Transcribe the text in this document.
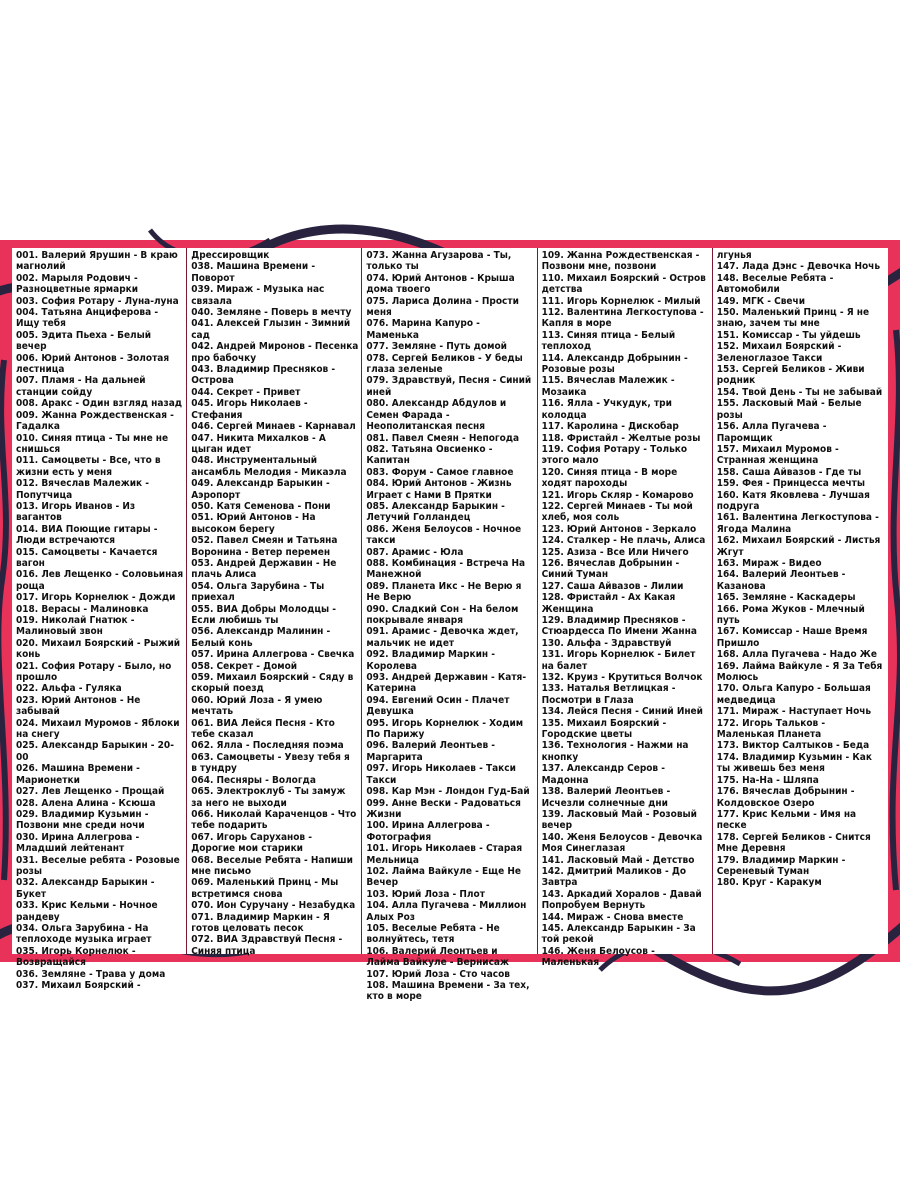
001. Валерий Ярушин - В краю магнолий

002. Марыля Родович - Разноцветные ярмарки

003. София Ротару - Луна-луна

004. Татьяна Анциферова - Ищу тебя

005. Эдита Пьеха - Белый вечер

006. Юрий Антонов - Золотая лестница

007. Пламя - На дальней станции сойду

008. Аракс - Один взгляд назад

009. Жанна Рождественская - Гадалка

010. Синяя птица - Ты мне не снишься

011. Самоцветы - Все, что в жизни есть у меня

012. Вячеслав Малежик - Попутчица

013. Игорь Иванов - Из вагантов

014. ВИА Поющие гитары - Люди встречаются

015. Самоцветы - Качается вагон

016. Лев Лещенко - Соловьиная роща

017. Игорь Корнелюк - Дожди

018. Верасы - Малиновка

019. Николай Гнатюк - Малиновый звон

020. Михаил Боярский - Рыжий конь

021. София Ротару - Было, но прошло

022. Альфа - Гуляка

023. Юрий Антонов - Не забывай

024. Михаил Муромов - Яблоки на снегу

025. Александр Барыкин - 20-00

026. Машина Времени - Марионетки

027. Лев Лещенко - Прощай

028. Алена Алина - Ксюша

029. Владимир Кузьмин - Позвони мне среди ночи

030. Ирина Аллегрова - Младший лейтенант

031. Веселые ребята - Розовые розы

032. Александр Барыкин - Букет

033. Крис Кельми - Ночное рандеву

034. Ольга Зарубина - На теплоходе музыка играет

035. Игорь Корнелюк - Возвращайся

036. Земляне - Трава у дома

037. Михаил Боярский -

Дрессировщик

038. Машина Времени - Поворот

039. Мираж - Музыка нас связала

040. Земляне - Поверь в мечту

041. Алексей Глызин - Зимний сад

042. Андрей Миронов - Песенка про бабочку

043. Владимир Пресняков - Острова

044. Секрет - Привет

045. Игорь Николаев - Стефания

046. Сергей Минаев - Карнавал

047. Никита Михалков - А цыган идет

048. Инструментальный ансамбль Мелодия - Микаэла

049. Александр Барыкин - Аэропорт

050. Катя Семенова - Пони

051. Юрий Антонов - На высоком берегу

052. Павел Смеян и Татьяна Воронина - Ветер перемен

053. Андрей Державин - Не плачь Алиса

054. Ольга Зарубина - Ты приехал

055. ВИА Добры Молодцы - Если любишь ты

056. Александр Малинин - Белый конь

057. Ирина Аллегрова - Свечка

058. Секрет - Домой

059. Михаил Боярский - Сяду в скорый поезд

060. Юрий Лоза - Я умею мечтать

061. ВИА Лейся Песня - Кто тебе сказал

062. Ялла - Последняя поэма

063. Самоцветы - Увезу тебя я в тундру

064. Песняры - Вологда

065. Электроклуб - Ты замуж за него не выходи

066. Николай Караченцов - Что тебе подарить

067. Игорь Саруханов - Дорогие мои старики

068. Веселые Ребята - Напиши мне письмо

069. Маленький Принц - Мы встретимся снова

070. Ион Суручану - Незабудка

071. Владимир Маркин - Я готов целовать песок

072. ВИА Здравствуй Песня - Синяя птица

073. Жанна Агузарова - Ты, только ты

074. Юрий Антонов - Крыша дома твоего

075. Лариса Долина - Прости меня

076. Марина Капуро - Маменька

077. Земляне - Путь домой

078. Сергей Беликов - У беды глаза зеленые

079. Здравствуй, Песня - Синий иней

080. Александр Абдулов и Семен Фарада - Неополитанская песня

081. Павел Смеян - Непогода

082. Татьяна Овсиенко - Капитан

083. Форум - Самое главное

084. Юрий Антонов - Жизнь Играет с Нами В Прятки

085. Александр Барыкин - Летучий Голландец

086. Женя Белоусов - Ночное такси

087. Арамис - Юла

088. Комбинация - Встреча На Манежной

089. Планета Икс - Не Верю я Не Верю

090. Сладкий Сон - На белом покрывале января

091. Арамис - Девочка ждет, мальчик не идет

092. Владимир Маркин - Королева

093. Андрей Державин - Катя-Катерина

094. Евгений Осин - Плачет Девушка

095. Игорь Корнелюк - Ходим По Парижу

096. Валерий Леонтьев - Маргарита

097. Игорь Николаев - Такси Такси

098. Кар Мэн - Лондон Гуд-Бай

099. Анне Вески - Радоваться Жизни

100. Ирина Аллегрова - Фотография

101. Игорь Николаев - Старая Мельница

102. Лайма Вайкуле - Еще Не Вечер

103. Юрий Лоза - Плот

104. Алла Пугачева - Миллион Алых Роз

105. Веселые Ребята - Не волнуйтесь, тетя

106. Валерий Леонтьев и Лайма Вайкуле - Вернисаж

107. Юрий Лоза - Сто часов

108. Машина Времени - За тех, кто в море

109. Жанна Рождественская - Позвони мне, позвони

110. Михаил Боярский - Остров детства

111. Игорь Корнелюк - Милый

112. Валентина Легкоступова - Капля в море

113. Синяя птица - Белый теплоход

114. Александр Добрынин - Розовые розы

115. Вячеслав Малежик - Мозаика

116. Ялла - Учкудук, три колодца

117. Каролина - Дискобар

118. Фристайл - Желтые розы

119. София Ротару - Только этого мало

120. Синяя птица - В море ходят пароходы

121. Игорь Скляр - Комарово

122. Сергей Минаев - Ты мой хлеб, моя соль

123. Юрий Антонов - Зеркало

124. Сталкер - Не плачь, Алиса

125. Азиза - Все Или Ничего

126. Вячеслав Добрынин - Синий Туман

127. Саша Айвазов - Лилии

128. Фристайл - Ах Какая Женщина

129. Владимир Пресняков - Стюардесса По Имени Жанна

130. Альфа - Здравствуй

131. Игорь Корнелюк - Билет на балет

132. Круиз - Крутиться Волчок

133. Наталья Ветлицкая - Посмотри в Глаза

134. Лейся Песня - Синий Иней

135. Михаил Боярский - Городские цветы

136. Технология - Нажми на кнопку

137. Александр Серов - Мадонна

138. Валерий Леонтьев - Исчезли солнечные дни

139. Ласковый Май - Розовый вечер

140. Женя Белоусов - Девочка Моя Синеглазая

141. Ласковый Май - Детство

142. Дмитрий Маликов - До Завтра

143. Аркадий Хоралов - Давай Попробуем Вернуть

144. Мираж - Снова вместе

145. Александр Барыкин - За той рекой

146. Женя Белоусов - Маленькая

лгунья

147. Лада Дэнс - Девочка Ночь

148. Веселые Ребята - Автомобили

149. МГК - Свечи

150. Маленький Принц - Я не знаю, зачем ты мне

151. Комиссар - Ты уйдешь

152. Михаил Боярский - Зеленоглазое Такси

153. Сергей Беликов - Живи родник

154. Твой День - Ты не забывай

155. Ласковый Май - Белые розы

156. Алла Пугачева - Паромщик

157. Михаил Муромов - Странная женщина

158. Саша Айвазов - Где ты

159. Фея - Принцесса мечты

160. Катя Яковлева - Лучшая подруга

161. Валентина Легкоступова - Ягода Малина

162. Михаил Боярский - Листья Жгут

163. Мираж - Видео

164. Валерий Леонтьев - Казанова

165. Земляне - Каскадеры

166. Рома Жуков - Млечный путь

167. Комиссар - Наше Время Пришло

168. Алла Пугачева - Надо Же

169. Лайма Вайкуле - Я За Тебя Молюсь

170. Ольга Капуро - Большая медведица

171. Мираж - Наступает Ночь

172. Игорь Тальков - Маленькая Планета

173. Виктор Салтыков - Беда

174. Владимир Кузьмин - Как ты живешь без меня

175. На-На - Шляпа

176. Вячеслав Добрынин - Колдовское Озеро

177. Крис Кельми - Имя на песке

178. Сергей Беликов - Снится Мне Деревня

179. Владимир Маркин - Сереневый Туман

180. Круг - Каракум
